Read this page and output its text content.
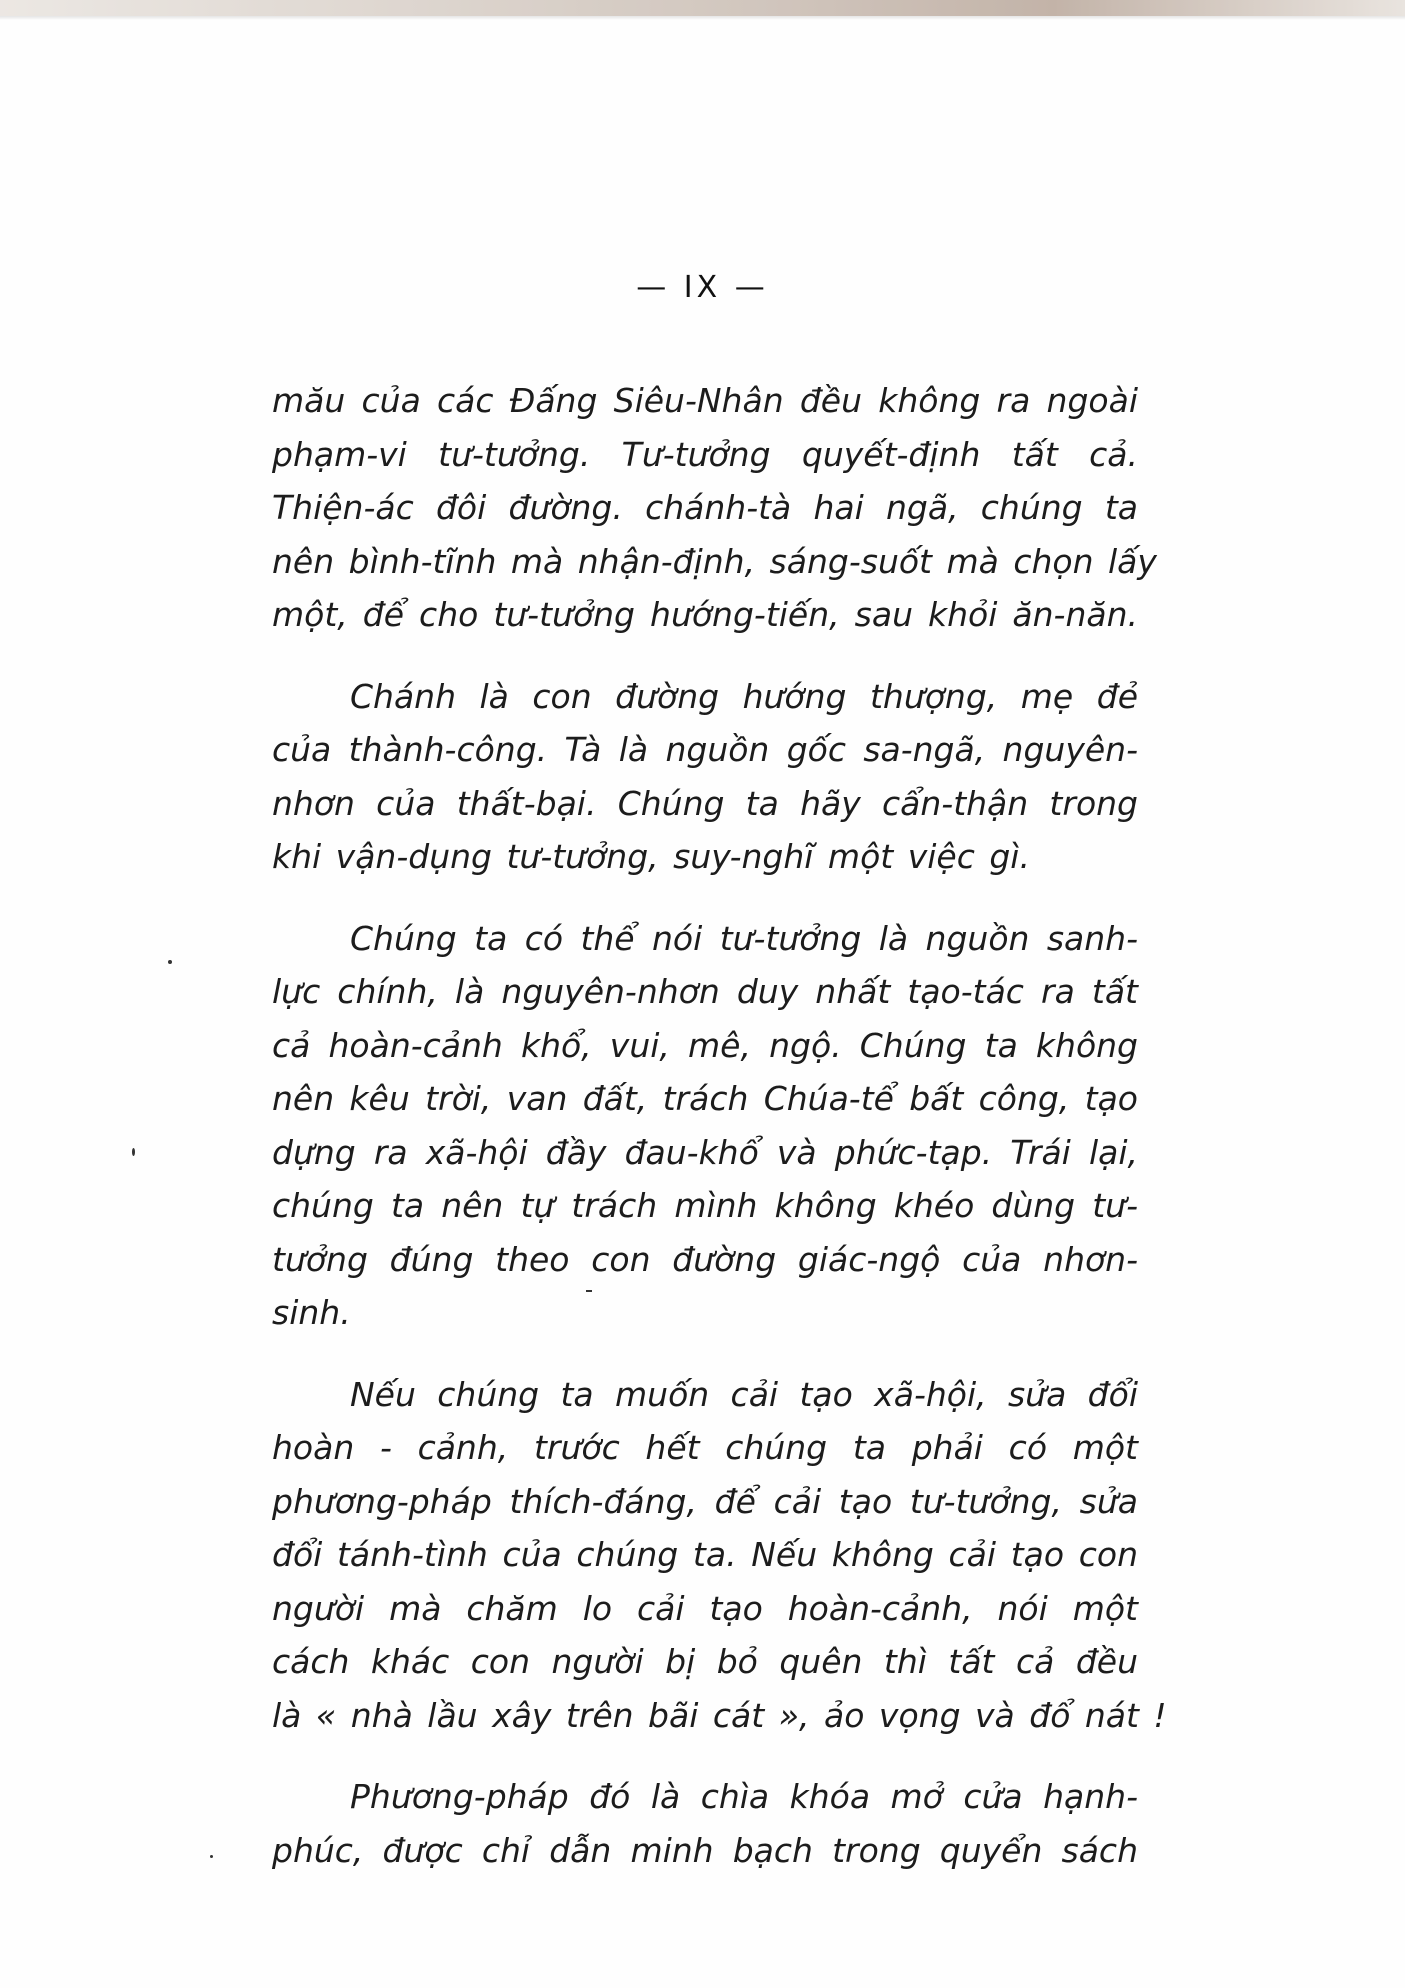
— IX —
mău của các Đấng Siêu-Nhân đều không ra ngoài
phạm-vi tư-tưởng. Tư-tưởng quyết-định tất cả.
Thiện-ác đôi đường. chánh-tà hai ngã, chúng ta
nên bình-tĩnh mà nhận-định, sáng-suốt mà chọn lấy
một, để cho tư-tưởng hướng-tiến, sau khỏi ăn-năn.
Chánh là con đường hướng thượng, mẹ đẻ
của thành-công. Tà là nguồn gốc sa-ngã, nguyên-
nhơn của thất-bại. Chúng ta hãy cẩn-thận trong
khi vận-dụng tư-tưởng, suy-nghĩ một việc gì.
Chúng ta có thể nói tư-tưởng là nguồn sanh-
lực chính, là nguyên-nhơn duy nhất tạo-tác ra tất
cả hoàn-cảnh khổ, vui, mê, ngộ. Chúng ta không
nên kêu trời, van đất, trách Chúa-tể bất công, tạo
dựng ra xã-hội đầy đau-khổ và phức-tạp. Trái lại,
chúng ta nên tự trách mình không khéo dùng tư-
tưởng đúng theo con đường giác-ngộ của nhơn-
sinh.
Nếu chúng ta muốn cải tạo xã-hội, sửa đổi
hoàn - cảnh, trước hết chúng ta phải có một
phương-pháp thích-đáng, để cải tạo tư-tưởng, sửa
đổi tánh-tình của chúng ta. Nếu không cải tạo con
người mà chăm lo cải tạo hoàn-cảnh, nói một
cách khác con người bị bỏ quên thì tất cả đều
là « nhà lầu xây trên bãi cát », ảo vọng và đổ nát !
Phương-pháp đó là chìa khóa mở cửa hạnh-
phúc, được chỉ dẫn minh bạch trong quyển sách
